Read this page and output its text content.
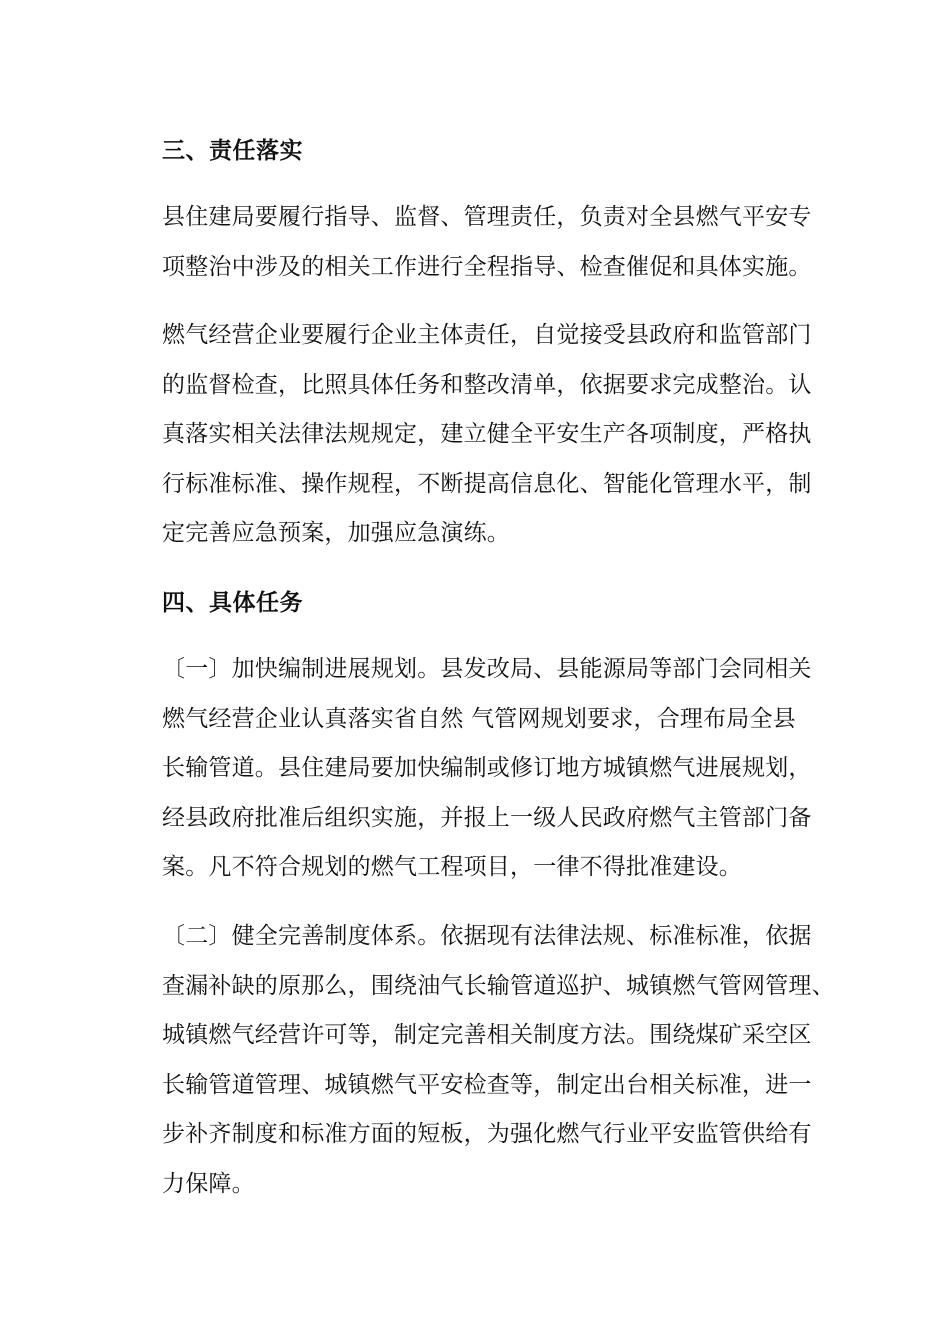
三、责任落实
县住建局要履行指导、监督、管理责任，负责对全县燃气平安专
项整治中涉及的相关工作进行全程指导、检查催促和具体实施。
燃气经营企业要履行企业主体责任，自觉接受县政府和监管部门
的监督检查，比照具体任务和整改清单，依据要求完成整治。认
真落实相关法律法规规定，建立健全平安生产各项制度，严格执
行标准标准、操作规程，不断提高信息化、智能化管理水平，制
定完善应急预案，加强应急演练。
四、具体任务
〔一〕加快编制进展规划。县发改局、县能源局等部门会同相关
燃气经营企业认真落实省自然 气管网规划要求，合理布局全县
长输管道。县住建局要加快编制或修订地方城镇燃气进展规划，
经县政府批准后组织实施，并报上一级人民政府燃气主管部门备
案。凡不符合规划的燃气工程项目，一律不得批准建设。
〔二〕健全完善制度体系。依据现有法律法规、标准标准，依据
查漏补缺的原那么，围绕油气长输管道巡护、城镇燃气管网管理、
城镇燃气经营许可等，制定完善相关制度方法。围绕煤矿采空区
长输管道管理、城镇燃气平安检查等，制定出台相关标准，进一
步补齐制度和标准方面的短板，为强化燃气行业平安监管供给有
力保障。
